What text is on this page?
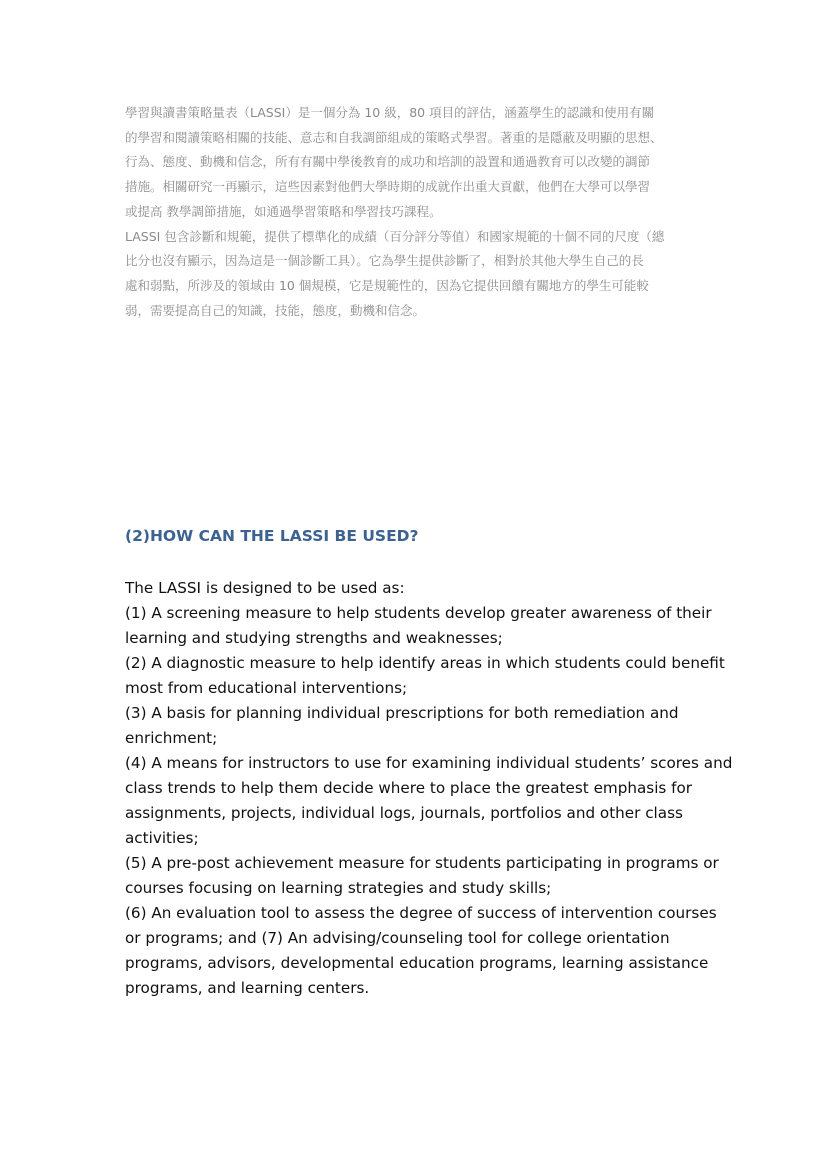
學習與讀書策略量表（LASSI）是一個分為 10 級，80 項目的評估，涵蓋學生的認識和使用有關
的學習和閱讀策略相關的技能、意志和自我調節組成的策略式學習。著重的是隱蔽及明顯的思想、
行為、態度、動機和信念，所有有關中學後教育的成功和培訓的設置和通過教育可以改變的調節
措施。相關研究一再顯示，這些因素對他們大學時期的成就作出重大貢獻，他們在大學可以學習
或提高 教學調節措施，如通過學習策略和學習技巧課程。
LASSI 包含診斷和規範，提供了標準化的成績（百分評分等值）和國家規範的十個不同的尺度（總
比分也沒有顯示，因為這是一個診斷工具）。它為學生提供診斷了，相對於其他大學生自己的長
處和弱點，所涉及的領域由 10 個規模，它是規範性的，因為它提供回饋有關地方的學生可能較
弱，需要提高自己的知識，技能，態度，動機和信念。
(2)HOW CAN THE LASSI BE USED?
The LASSI is designed to be used as:
(1) A screening measure to help students develop greater awareness of their
learning and studying strengths and weaknesses;
(2) A diagnostic measure to help identify areas in which students could benefit
most from educational interventions;
(3) A basis for planning individual prescriptions for both remediation and
enrichment;
(4) A means for instructors to use for examining individual students’ scores and
class trends to help them decide where to place the greatest emphasis for
assignments, projects, individual logs, journals, portfolios and other class
activities;
(5) A pre-post achievement measure for students participating in programs or
courses focusing on learning strategies and study skills;
(6) An evaluation tool to assess the degree of success of intervention courses
or programs; and (7) An advising/counseling tool for college orientation
programs, advisors, developmental education programs, learning assistance
programs, and learning centers.
